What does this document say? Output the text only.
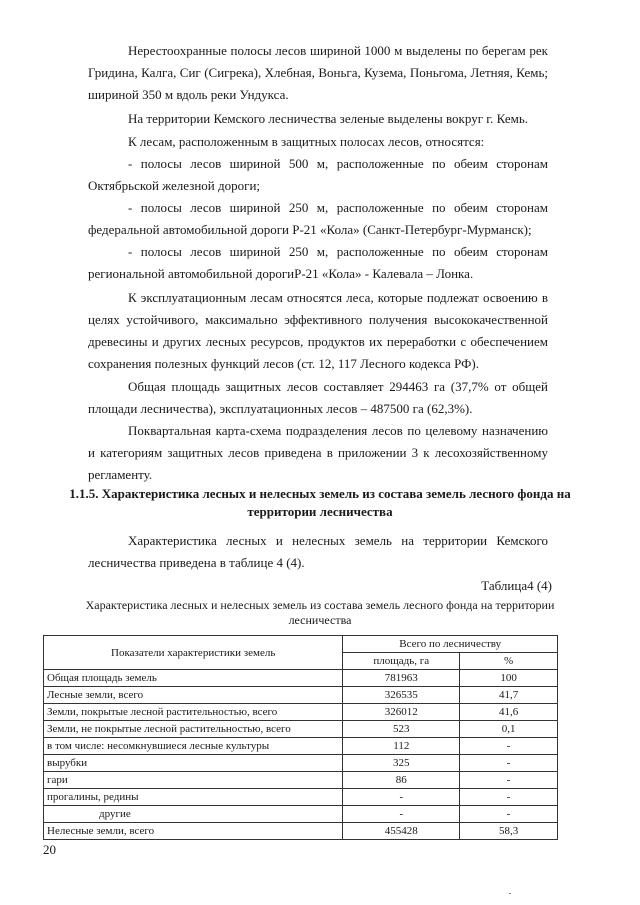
Нерестоохранные полосы лесов шириной 1000 м выделены по берегам рек Гридина, Калга, Сиг (Сигрека), Хлебная, Воньга, Кузема, Поньгома, Летняя, Кемь; шириной 350 м вдоль реки Ундукса.
На территории Кемского лесничества зеленые выделены вокруг г. Кемь.
К лесам, расположенным в защитных полосах лесов, относятся:
- полосы лесов шириной 500 м, расположенные по обеим сторонам Октябрьской железной дороги;
- полосы лесов шириной 250 м, расположенные по обеим сторонам федеральной автомобильной дороги Р-21 «Кола» (Санкт-Петербург-Мурманск);
- полосы лесов шириной 250 м, расположенные по обеим сторонам региональной автомобильной дорогиР-21 «Кола» - Калевала – Лонка.
К эксплуатационным лесам относятся леса, которые подлежат освоению в целях устойчивого, максимально эффективного получения высококачественной древесины и других лесных ресурсов, продуктов их переработки с обеспечением сохранения полезных функций лесов (ст. 12, 117 Лесного кодекса РФ).
Общая площадь защитных лесов составляет 294463 га (37,7% от общей площади лесничества), эксплуатационных лесов – 487500 га (62,3%).
Поквартальная карта-схема подразделения лесов по целевому назначению и категориям защитных лесов приведена в приложении 3 к лесохозяйственному регламенту.
1.1.5. Характеристика лесных и нелесных земель из состава земель лесного фонда на территории лесничества
Характеристика лесных и нелесных земель на территории Кемского лесничества приведена в таблице 4 (4).
Таблица4 (4)
Характеристика лесных и нелесных земель из состава земель лесного фонда на территории лесничества
Показатели характеристики земель	Всего по лесничеству	
	площадь, га	%
Общая площадь земель	781963	100
Лесные земли, всего	326535	41,7
Земли, покрытые лесной растительностью, всего	326012	41,6
Земли, не покрытые лесной растительностью, всего	523	0,1
в том числе: несомкнувшиеся лесные культуры	112	-
вырубки	325	-
гари	86	-
прогалины, редины	-	-
другие	-	-
Нелесные земли, всего	455428	58,3
20
